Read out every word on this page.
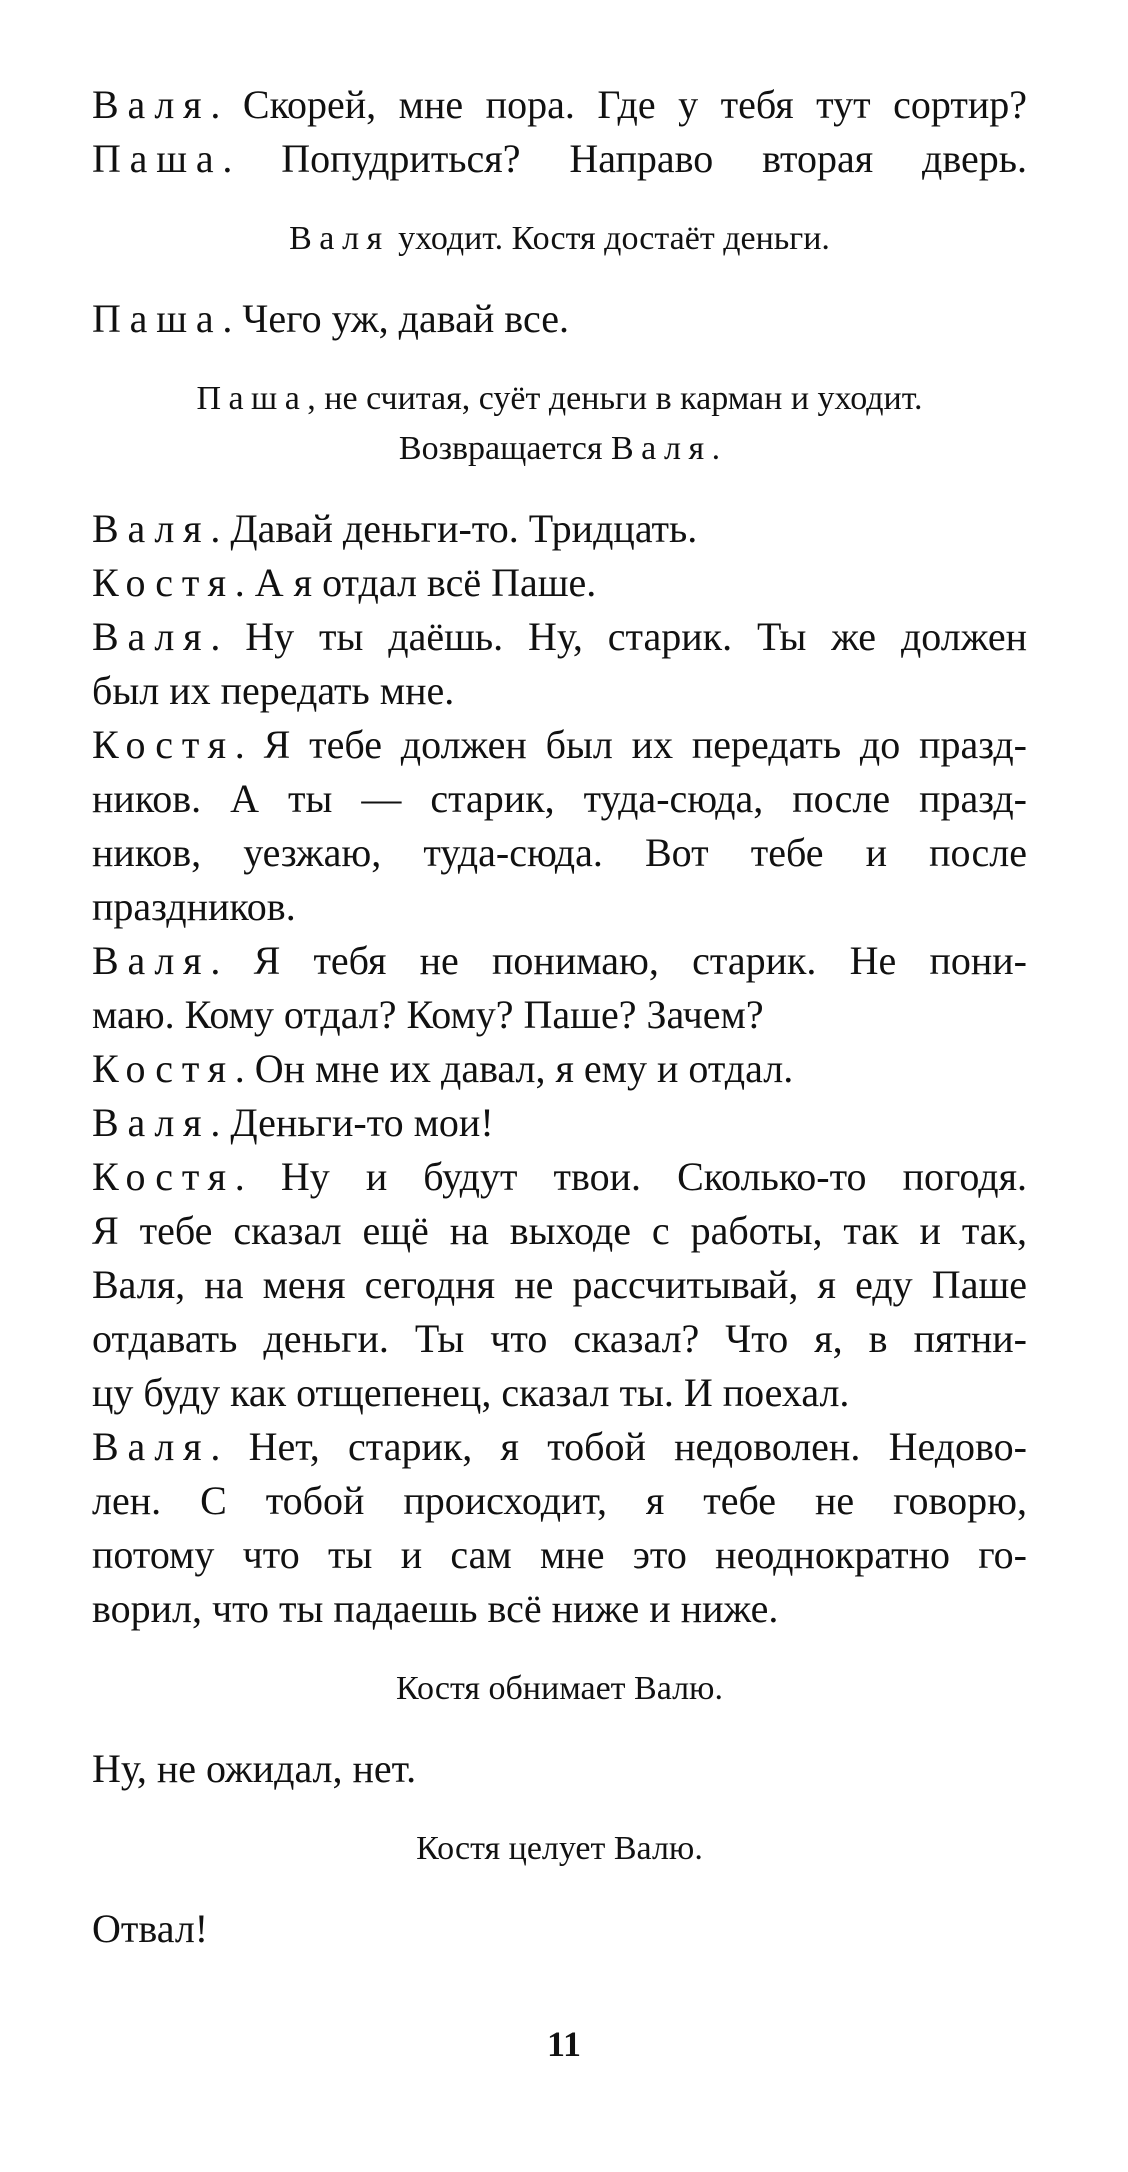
Валя. Скорей, мне пора. Где у тебя тут сортир?
Паша. Попудриться? Направо вторая дверь.
Валя уходит. Костя достаёт деньги.
Паша. Чего уж, давай все.
Паша, не считая, суёт деньги в карман и уходит.
Возвращается Валя.
Валя. Давай деньги-то. Тридцать.
Костя. А я отдал всё Паше.
Валя. Ну ты даёшь. Ну, старик. Ты же должен
был их передать мне.
Костя. Я тебе должен был их передать до празд-
ников. А ты — старик, туда-сюда, после празд-
ников, уезжаю, туда-сюда. Вот тебе и после
праздников.
Валя. Я тебя не понимаю, старик. Не пони-
маю. Кому отдал? Кому? Паше? Зачем?
Костя. Он мне их давал, я ему и отдал.
Валя. Деньги-то мои!
Костя. Ну и будут твои. Сколько-то погодя.
Я тебе сказал ещё на выходе с работы, так и так,
Валя, на меня сегодня не рассчитывай, я еду Паше
отдавать деньги. Ты что сказал? Что я, в пятни-
цу буду как отщепенец, сказал ты. И поехал.
Валя. Нет, старик, я тобой недоволен. Недово-
лен. С тобой происходит, я тебе не говорю,
потому что ты и сам мне это неоднократно го-
ворил, что ты падаешь всё ниже и ниже.
Костя обнимает Валю.
Ну, не ожидал, нет.
Костя целует Валю.
Отвал!
11
